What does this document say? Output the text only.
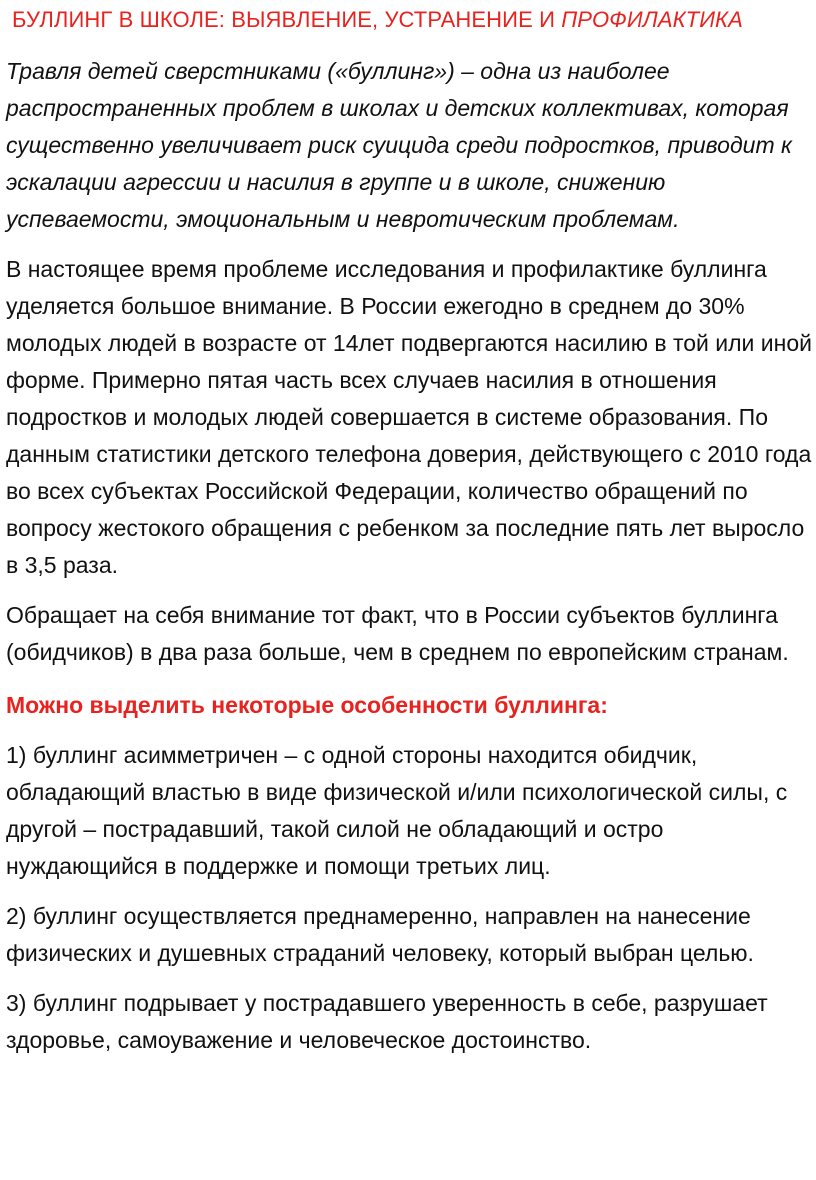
БУЛЛИНГ В ШКОЛЕ: ВЫЯВЛЕНИЕ, УСТРАНЕНИЕ И ПРОФИЛАКТИКА

Травля детей сверстниками («буллинг») – одна из наиболее распространенных проблем в школах и детских коллективах, которая существенно увеличивает риск суицида среди подростков, приводит к эскалации агрессии и насилия в группе и в школе, снижению успеваемости, эмоциональным и невротическим проблемам.

В настоящее время проблеме исследования и профилактике буллинга уделяется большое внимание. В России ежегодно в среднем до 30% молодых людей в возрасте от 14лет подвергаются насилию в той или иной форме. Примерно пятая часть всех случаев насилия в отношения подростков и молодых людей совершается в системе образования. По данным статистики детского телефона доверия, действующего с 2010 года во всех субъектах Российской Федерации, количество обращений по вопросу жестокого обращения с ребенком за последние пять лет выросло в 3,5 раза.

Обращает на себя внимание тот факт, что в России субъектов буллинга (обидчиков) в два раза больше, чем в среднем по европейским странам.

Можно выделить некоторые особенности буллинга:

1) буллинг асимметричен – с одной стороны находится обидчик, обладающий властью в виде физической и/или психологической силы, с другой – пострадавший, такой силой не обладающий и остро нуждающийся в поддержке и помощи третьих лиц.

2) буллинг осуществляется преднамеренно, направлен на нанесение физических и душевных страданий человеку, который выбран целью.

3) буллинг подрывает у пострадавшего уверенность в себе, разрушает здоровье, самоуважение и человеческое достоинство.
